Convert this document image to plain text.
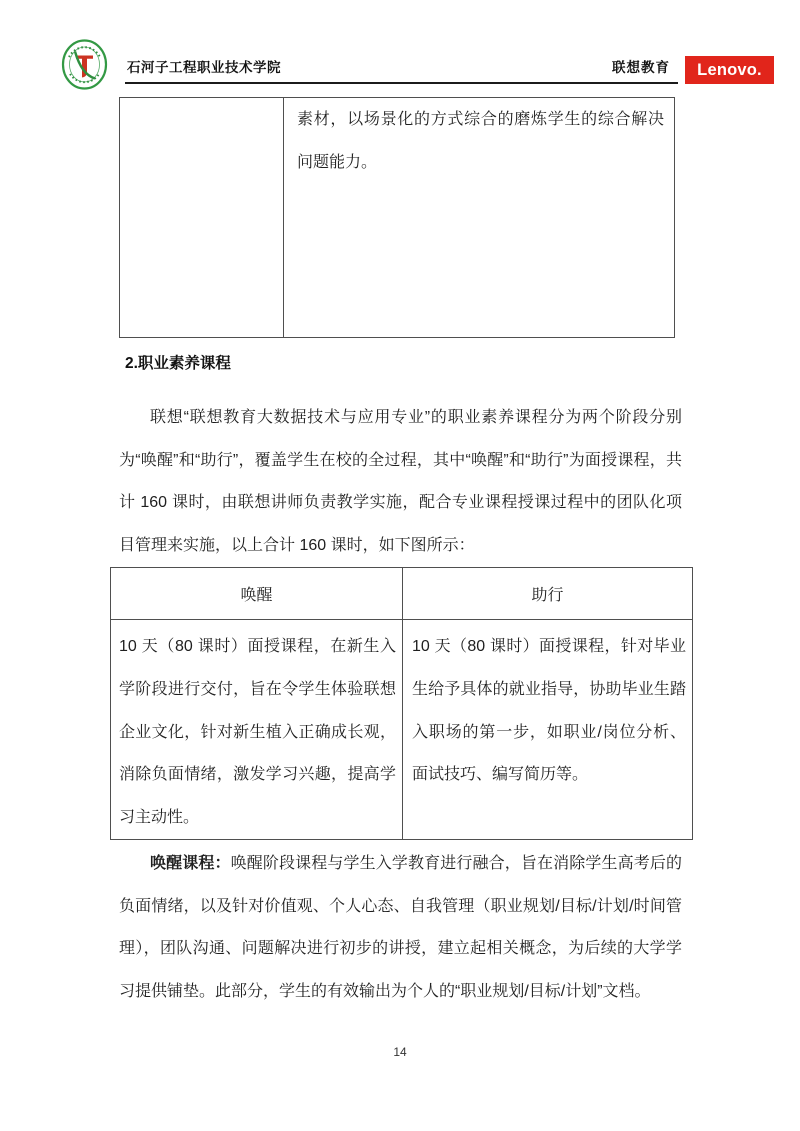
石河子工程职业技术学院	联想教育 Lenovo.
素材，以场景化的方式综合的磨炼学生的综合解决问题能力。
2.职业素养课程
联想“联想教育大数据技术与应用专业”的职业素养课程分为两个阶段分别为“唤醒”和“助行”，覆盖学生在校的全过程，其中“唤醒”和“助行”为面授课程，共计 160 课时，由联想讲师负责教学实施，配合专业课程授课过程中的团队化项目管理来实施，以上合计 160 课时，如下图所示：
唤醒	助行
10 天（80 课时）面授课程，在新生入学阶段进行交付，旨在令学生体验联想企业文化，针对新生植入正确成长观，消除负面情绪，激发学习兴趣，提高学习主动性。
10 天（80 课时）面授课程，针对毕业生给予具体的就业指导，协助毕业生踏入职场的第一步，如职业/岗位分析、面试技巧、编写简历等。
唤醒课程：唤醒阶段课程与学生入学教育进行融合，旨在消除学生高考后的负面情绪，以及针对价值观、个人心态、自我管理（职业规划/目标/计划/时间管理），团队沟通、问题解决进行初步的讲授，建立起相关概念，为后续的大学学习提供铺垫。此部分，学生的有效输出为个人的“职业规划/目标/计划”文档。
14
